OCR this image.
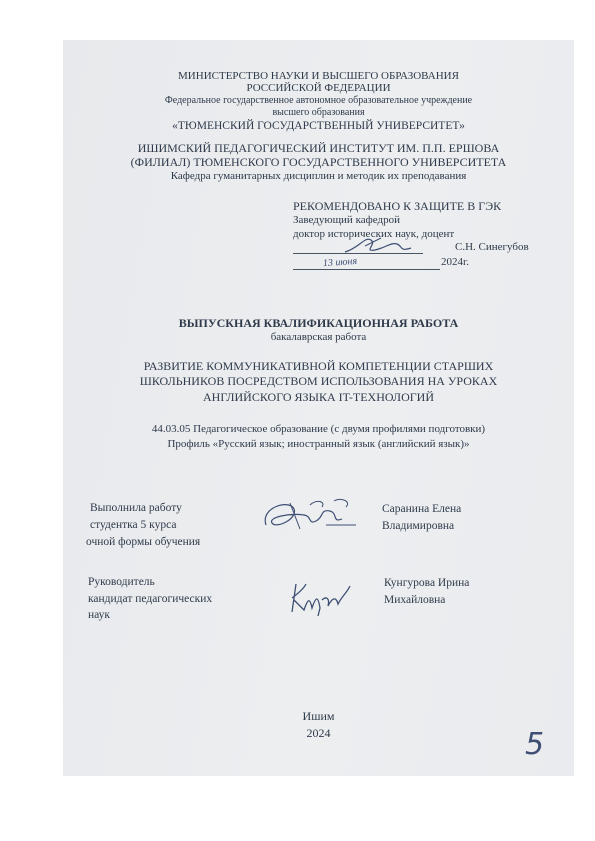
МИНИСТЕРСТВО НАУКИ И ВЫСШЕГО ОБРАЗОВАНИЯ
РОССИЙСКОЙ ФЕДЕРАЦИИ
Федеральное государственное автономное образовательное учреждение
высшего образования
«ТЮМЕНСКИЙ ГОСУДАРСТВЕННЫЙ УНИВЕРСИТЕТ»
ИШИМСКИЙ ПЕДАГОГИЧЕСКИЙ ИНСТИТУТ ИМ. П.П. ЕРШОВА
(ФИЛИАЛ) ТЮМЕНСКОГО ГОСУДАРСТВЕННОГО УНИВЕРСИТЕТА
Кафедра гуманитарных дисциплин и методик их преподавания
РЕКОМЕНДОВАНО К ЗАЩИТЕ В ГЭК
Заведующий кафедрой
доктор исторических наук, доцент
С.Н. Синегубов
13 июня	2024г.
ВЫПУСКНАЯ КВАЛИФИКАЦИОННАЯ РАБОТА
бакалаврская работа
РАЗВИТИЕ КОММУНИКАТИВНОЙ КОМПЕТЕНЦИИ СТАРШИХ
ШКОЛЬНИКОВ ПОСРЕДСТВОМ ИСПОЛЬЗОВАНИЯ НА УРОКАХ
АНГЛИЙСКОГО ЯЗЫКА IT-ТЕХНОЛОГИЙ
44.03.05 Педагогическое образование (с двумя профилями подготовки)
Профиль «Русский язык; иностранный язык (английский язык)»
Выполнила работу
студентка 5 курса
очной формы обучения
Саранина Елена
Владимировна
Руководитель
кандидат педагогических
наук
Кунгурова Ирина
Михайловна
Ишим
2024	5
